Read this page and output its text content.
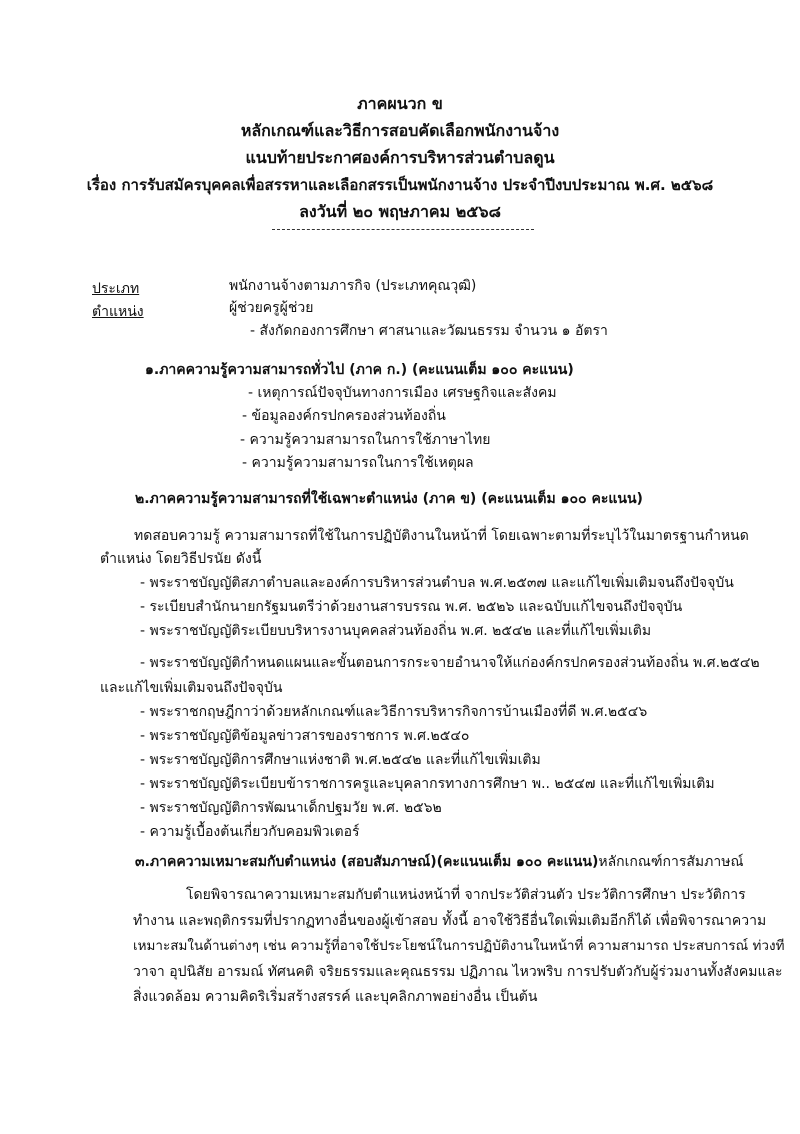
ภาคผนวก ข
หลักเกณฑ์และวิธีการสอบคัดเลือกพนักงานจ้าง
แนบท้ายประกาศองค์การบริหารส่วนตำบลดูน
เรื่อง การรับสมัครบุคคลเพื่อสรรหาและเลือกสรรเป็นพนักงานจ้าง ประจำปีงบประมาณ พ.ศ. ๒๕๖๘
ลงวันที่ ๒๐ พฤษภาคม ๒๕๖๘
ประเภท	พนักงานจ้างตามภารกิจ (ประเภทคุณวุฒิ)
ตำแหน่ง	ผู้ช่วยครูผู้ช่วย
- สังกัดกองการศึกษา ศาสนาและวัฒนธรรม จำนวน ๑ อัตรา
๑.ภาคความรู้ความสามารถทั่วไป (ภาค ก.) (คะแนนเต็ม ๑๐๐ คะแนน)
- เหตุการณ์ปัจจุบันทางการเมือง เศรษฐกิจและสังคม
- ข้อมูลองค์กรปกครองส่วนท้องถิ่น
- ความรู้ความสามารถในการใช้ภาษาไทย
- ความรู้ความสามารถในการใช้เหตุผล
๒.ภาคความรู้ความสามารถที่ใช้เฉพาะตำแหน่ง (ภาค ข) (คะแนนเต็ม ๑๐๐ คะแนน)
ทดสอบความรู้ ความสามารถที่ใช้ในการปฏิบัติงานในหน้าที่ โดยเฉพาะตามที่ระบุไว้ในมาตรฐานกำหนด
ตำแหน่ง โดยวิธีปรนัย ดังนี้
- พระราชบัญญัติสภาตำบลและองค์การบริหารส่วนตำบล พ.ศ.๒๕๓๗ และแก้ไขเพิ่มเติมจนถึงปัจจุบัน
- ระเบียบสำนักนายกรัฐมนตรีว่าด้วยงานสารบรรณ พ.ศ. ๒๕๒๖ และฉบับแก้ไขจนถึงปัจจุบัน
- พระราชบัญญัติระเบียบบริหารงานบุคคลส่วนท้องถิ่น พ.ศ. ๒๕๔๒ และที่แก้ไขเพิ่มเติม
- พระราชบัญญัติกำหนดแผนและขั้นตอนการกระจายอำนาจให้แก่องค์กรปกครองส่วนท้องถิ่น พ.ศ.๒๕๔๒
และแก้ไขเพิ่มเติมจนถึงปัจจุบัน
- พระราชกฤษฎีกาว่าด้วยหลักเกณฑ์และวิธีการบริหารกิจการบ้านเมืองที่ดี พ.ศ.๒๕๔๖
- พระราชบัญญัติข้อมูลข่าวสารของราชการ พ.ศ.๒๕๔๐
- พระราชบัญญัติการศึกษาแห่งชาติ พ.ศ.๒๕๔๒ และที่แก้ไขเพิ่มเติม
- พระราชบัญญัติระเบียบข้าราชการครูและบุคลากรทางการศึกษา พ.. ๒๕๔๗ และที่แก้ไขเพิ่มเติม
- พระราชบัญญัติการพัฒนาเด็กปฐมวัย พ.ศ. ๒๕๖๒
- ความรู้เบื้องต้นเกี่ยวกับคอมพิวเตอร์
๓.ภาคความเหมาะสมกับตำแหน่ง (สอบสัมภาษณ์)(คะแนนเต็ม ๑๐๐ คะแนน)หลักเกณฑ์การสัมภาษณ์
โดยพิจารณาความเหมาะสมกับตำแหน่งหน้าที่ จากประวัติส่วนตัว ประวัติการศึกษา ประวัติการ
ทำงาน และพฤติกรรมที่ปรากฏทางอื่นของผู้เข้าสอบ ทั้งนี้ อาจใช้วิธีอื่นใดเพิ่มเติมอีกก็ได้ เพื่อพิจารณาความ
เหมาะสมในด้านต่างๆ เช่น ความรู้ที่อาจใช้ประโยชน์ในการปฏิบัติงานในหน้าที่ ความสามารถ ประสบการณ์ ท่วงที
วาจา อุปนิสัย อารมณ์ ทัศนคติ จริยธรรมและคุณธรรม ปฏิภาณ ไหวพริบ การปรับตัวกับผู้ร่วมงานทั้งสังคมและ
สิ่งแวดล้อม ความคิดริเริ่มสร้างสรรค์ และบุคลิกภาพอย่างอื่น เป็นต้น
